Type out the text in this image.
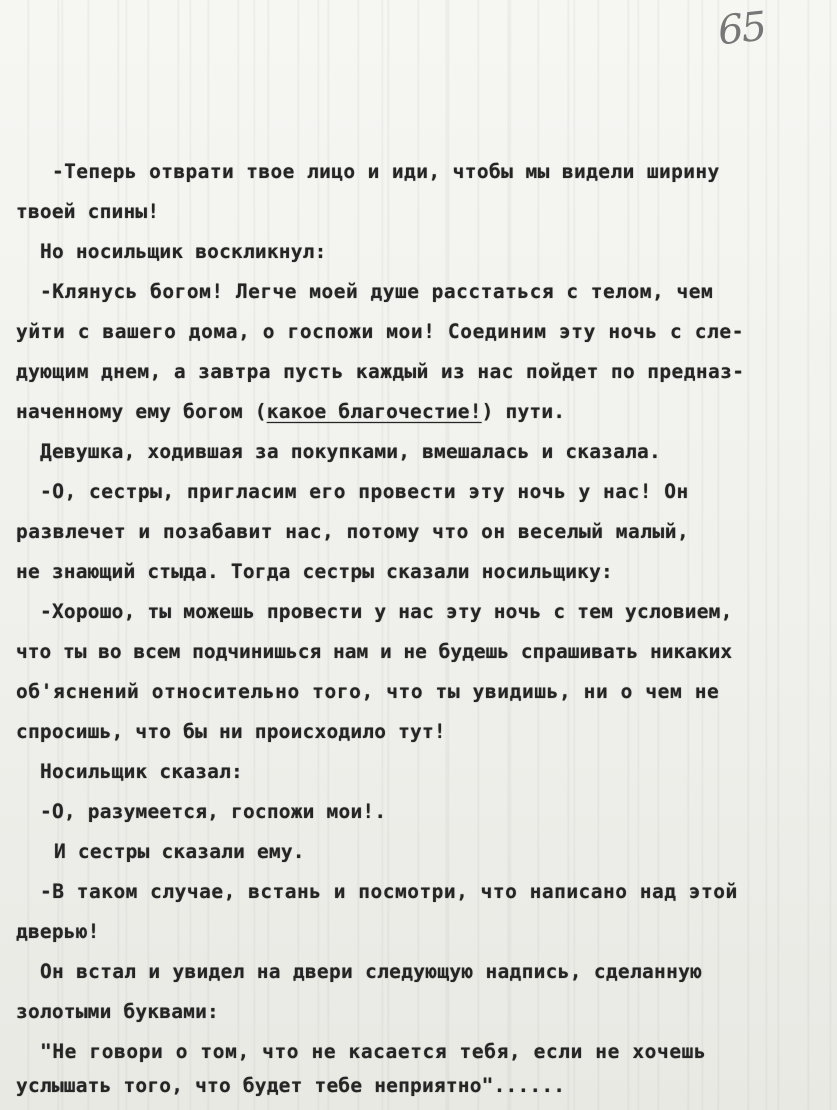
65
-Теперь отврати твое лицо и иди, чтобы мы видели ширину
твоей спины!
Но носильщик воскликнул:
-Клянусь богом! Легче моей душе расстаться с телом, чем
уйти с вашего дома, о госпожи мои! Соединим эту ночь с сле-
дующим днем, а завтра пусть каждый из нас пойдет по предназ-
наченному ему богом (какое благочестие!) пути.
Девушка, ходившая за покупками, вмешалась и сказала.
-О, сестры, пригласим его провести эту ночь у нас! Он
развлечет и позабавит нас, потому что он веселый малый,
не знающий стыда. Тогда сестры сказали носильщику:
-Хорошо, ты можешь провести у нас эту ночь с тем условием,
что ты во всем подчинишься нам и не будешь спрашивать никаких
об'яснений относительно того, что ты увидишь, ни о чем не
спросишь, что бы ни происходило тут!
Носильщик сказал:
-О, разумеется, госпожи мои!.
И сестры сказали ему.
-В таком случае, встань и посмотри, что написано над этой
дверью!
Он встал и увидел на двери следующую надпись, сделанную
золотыми буквами:
"Не говори о том, что не касается тебя, если не хочешь
услышать того, что будет тебе неприятно"......
